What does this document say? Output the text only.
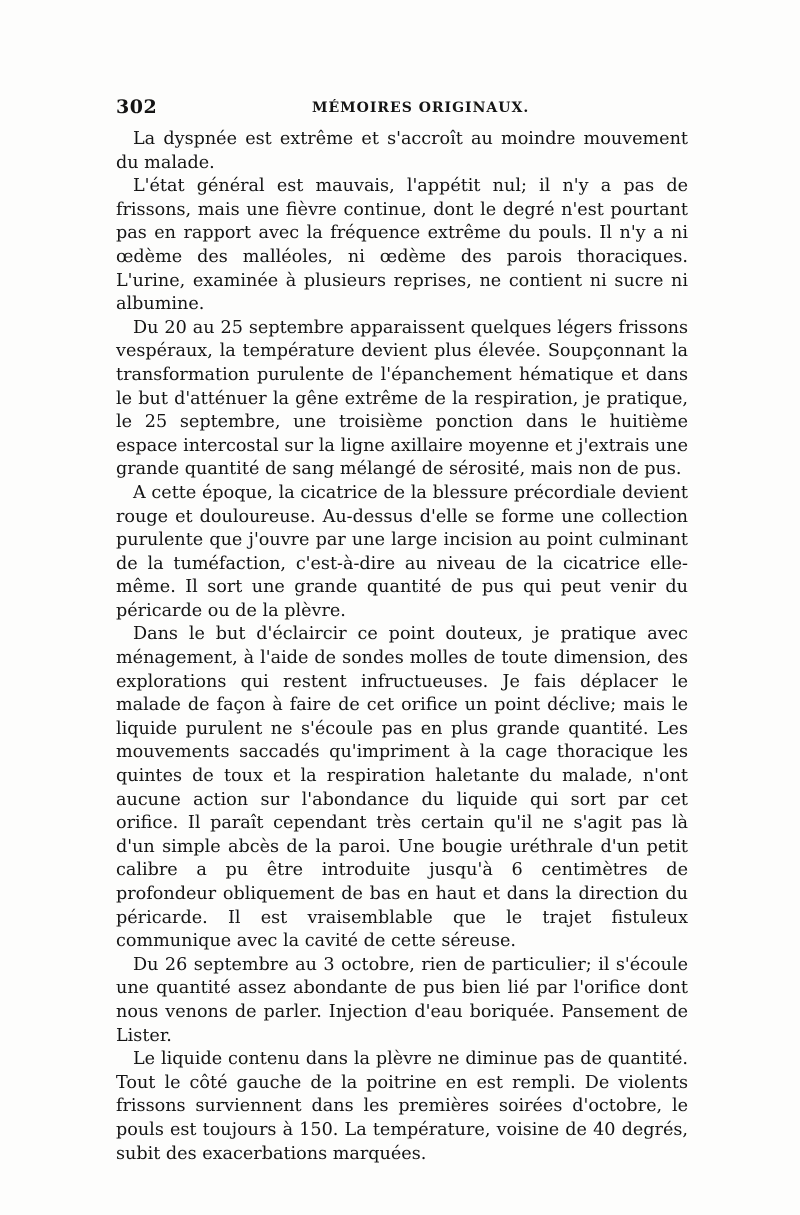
302	MÉMOIRES ORIGINAUX.

La dyspnée est extrême et s'accroît au moindre mouvement du malade.

L'état général est mauvais, l'appétit nul; il n'y a pas de frissons, mais une fièvre continue, dont le degré n'est pourtant pas en rapport avec la fréquence extrême du pouls. Il n'y a ni œdème des malléoles, ni œdème des parois thoraciques. L'urine, examinée à plusieurs reprises, ne contient ni sucre ni albumine.

Du 20 au 25 septembre apparaissent quelques légers frissons vespéraux, la température devient plus élevée. Soupçonnant la transformation purulente de l'épanchement hématique et dans le but d'atténuer la gêne extrême de la respiration, je pratique, le 25 septembre, une troisième ponction dans le huitième espace intercostal sur la ligne axillaire moyenne et j'extrais une grande quantité de sang mélangé de sérosité, mais non de pus.

A cette époque, la cicatrice de la blessure précordiale devient rouge et douloureuse. Au-dessus d'elle se forme une collection purulente que j'ouvre par une large incision au point culminant de la tuméfaction, c'est-à-dire au niveau de la cicatrice elle-même. Il sort une grande quantité de pus qui peut venir du péricarde ou de la plèvre.

Dans le but d'éclaircir ce point douteux, je pratique avec ménagement, à l'aide de sondes molles de toute dimension, des explorations qui restent infructueuses. Je fais déplacer le malade de façon à faire de cet orifice un point déclive; mais le liquide purulent ne s'écoule pas en plus grande quantité. Les mouvements saccadés qu'impriment à la cage thoracique les quintes de toux et la respiration haletante du malade, n'ont aucune action sur l'abondance du liquide qui sort par cet orifice. Il paraît cependant très certain qu'il ne s'agit pas là d'un simple abcès de la paroi. Une bougie uréthrale d'un petit calibre a pu être introduite jusqu'à 6 centimètres de profondeur obliquement de bas en haut et dans la direction du péricarde. Il est vraisemblable que le trajet fistuleux communique avec la cavité de cette séreuse.

Du 26 septembre au 3 octobre, rien de particulier; il s'écoule une quantité assez abondante de pus bien lié par l'orifice dont nous venons de parler. Injection d'eau boriquée. Pansement de Lister.

Le liquide contenu dans la plèvre ne diminue pas de quantité. Tout le côté gauche de la poitrine en est rempli. De violents frissons surviennent dans les premières soirées d'octobre, le pouls est toujours à 150. La température, voisine de 40 degrés, subit des exacerbations marquées.
